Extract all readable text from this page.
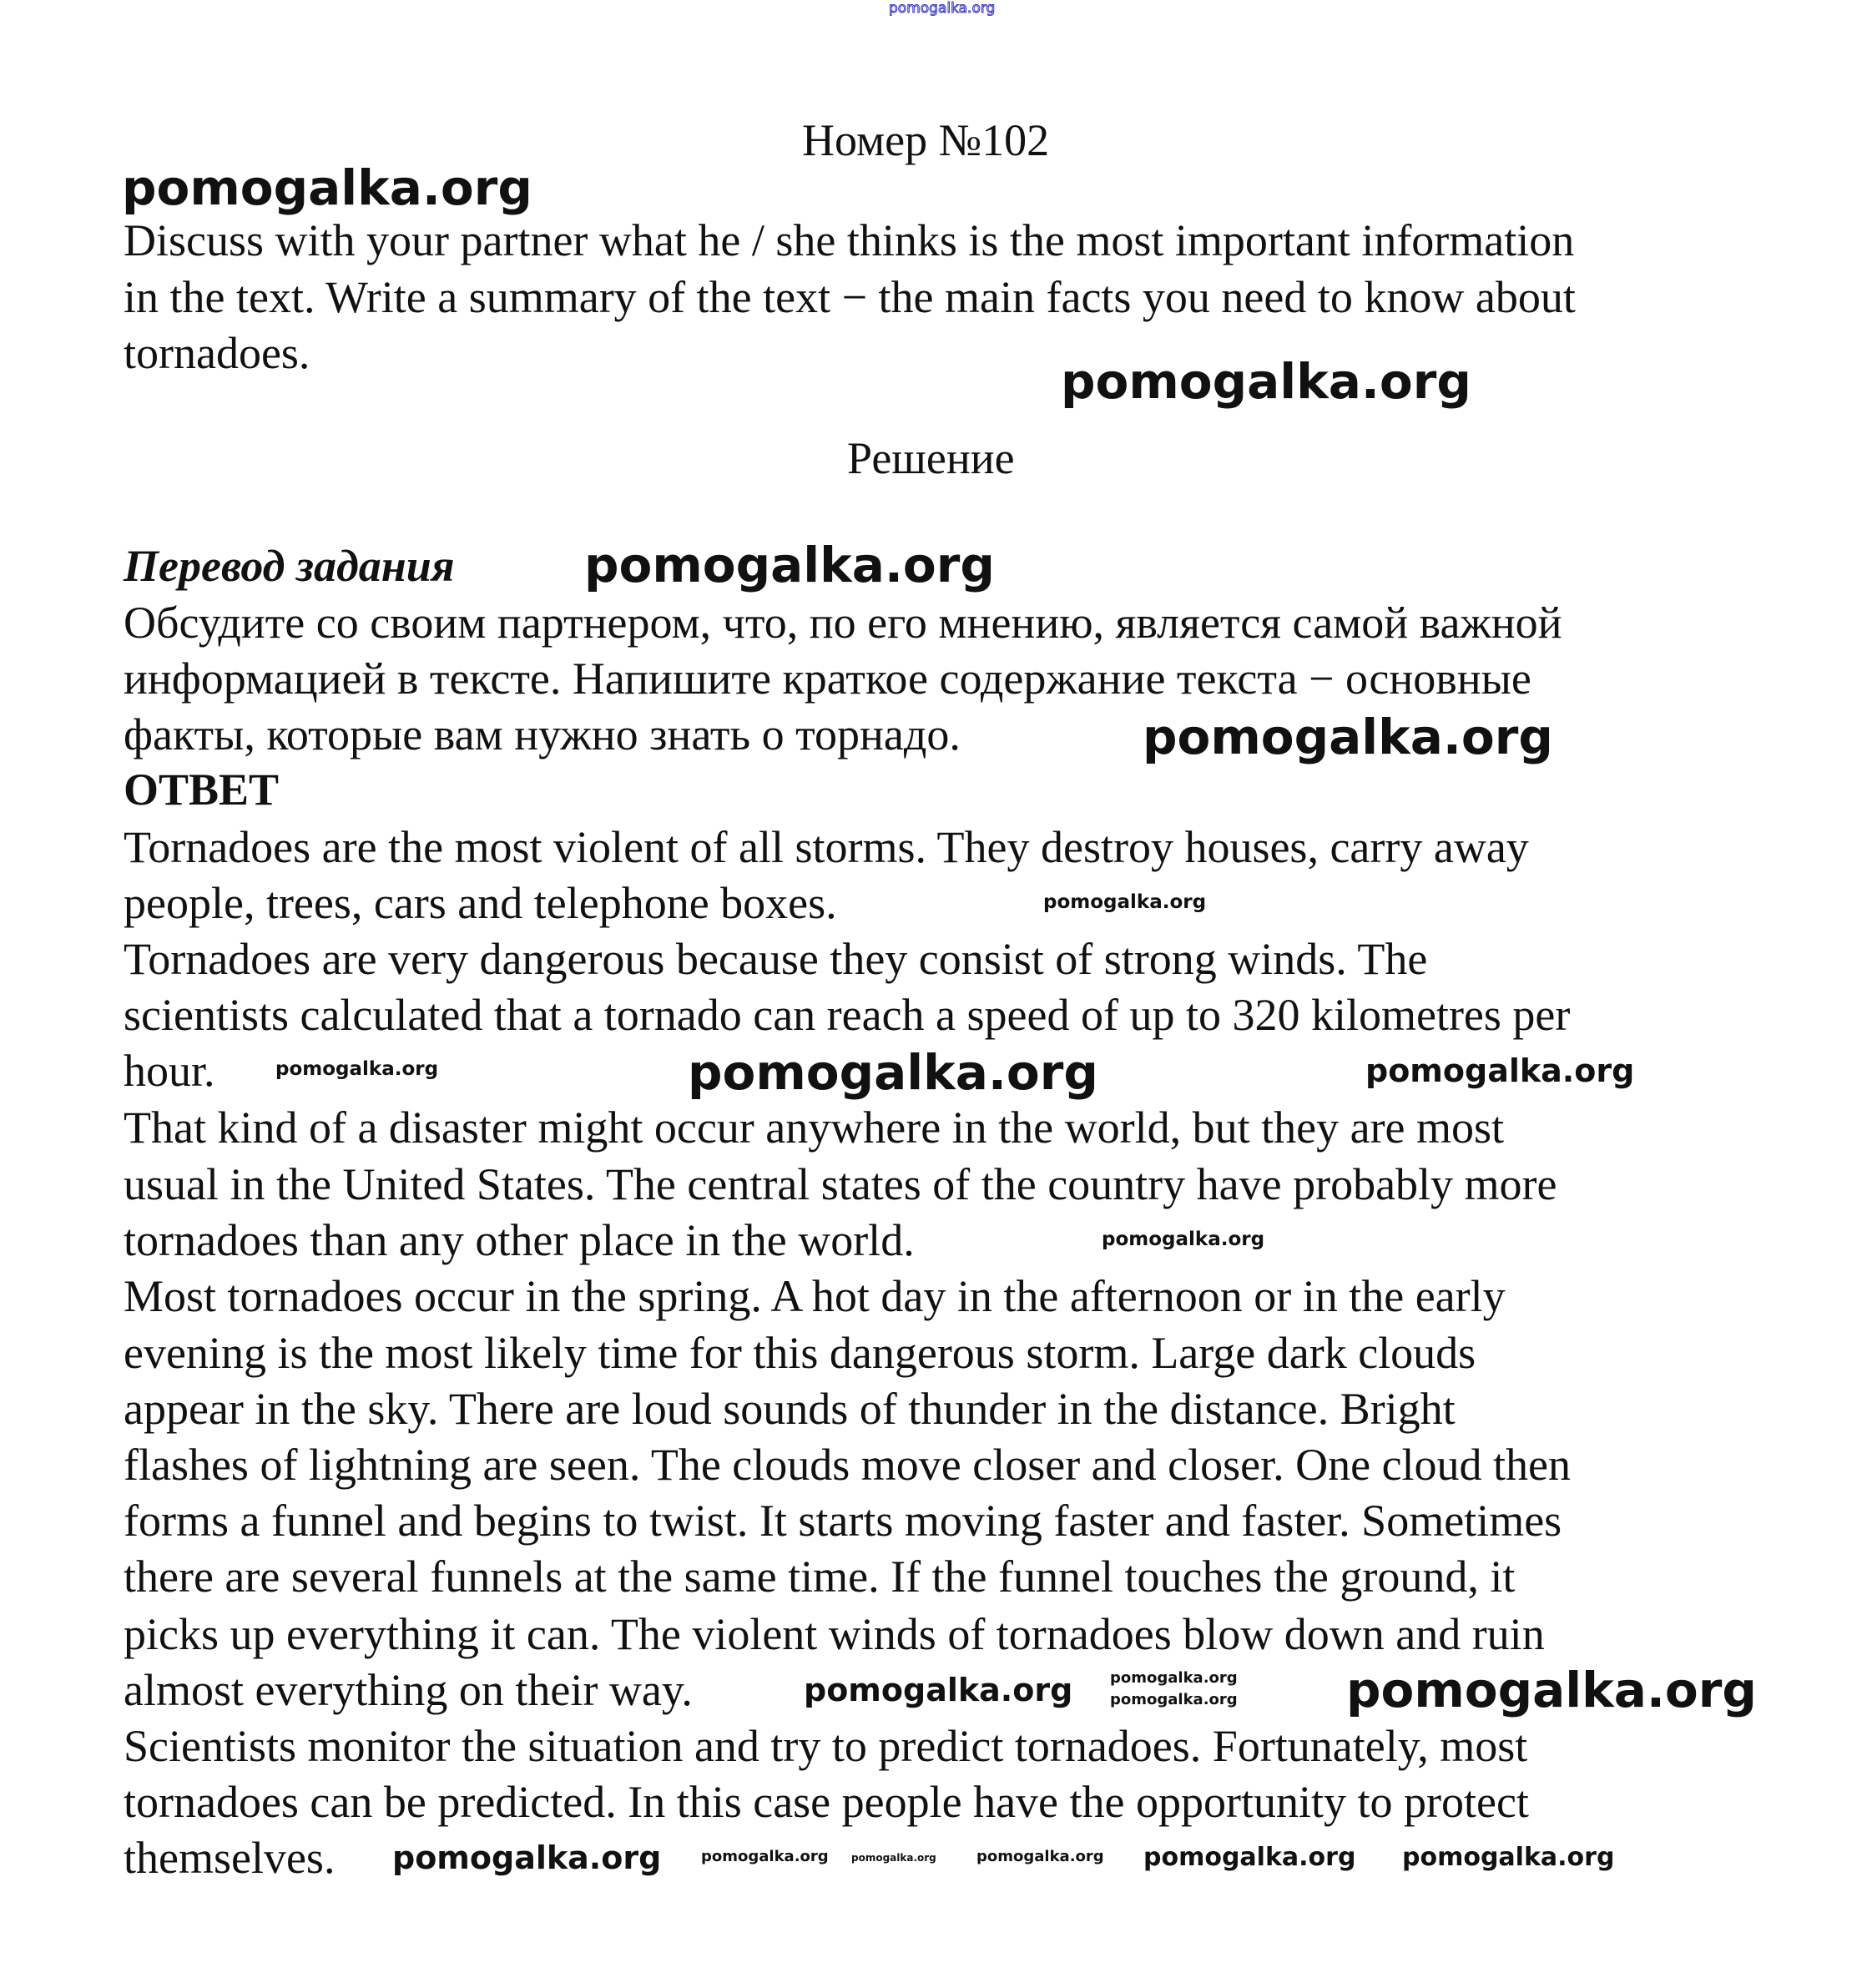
Номер №102
Discuss with your partner what he / she thinks is the most important information
in the text. Write a summary of the text − the main facts you need to know about
tornadoes.
Решение
Перевод задания
Обсудите со своим партнером, что, по его мнению, является самой важной
информацией в тексте. Напишите краткое содержание текста − основные
факты, которые вам нужно знать о торнадо.
ОТВЕТ
Tornadoes are the most violent of all storms. They destroy houses, carry away
people, trees, cars and telephone boxes.
Tornadoes are very dangerous because they consist of strong winds. The
scientists calculated that a tornado can reach a speed of up to 320 kilometres per
hour.
That kind of a disaster might occur anywhere in the world, but they are most
usual in the United States. The central states of the country have probably more
tornadoes than any other place in the world.
Most tornadoes occur in the spring. A hot day in the afternoon or in the early
evening is the most likely time for this dangerous storm. Large dark clouds
appear in the sky. There are loud sounds of thunder in the distance. Bright
flashes of lightning are seen. The clouds move closer and closer. One cloud then
forms a funnel and begins to twist. It starts moving faster and faster. Sometimes
there are several funnels at the same time. If the funnel touches the ground, it
picks up everything it can. The violent winds of tornadoes blow down and ruin
almost everything on their way.
Scientists monitor the situation and try to predict tornadoes. Fortunately, most
tornadoes can be predicted. In this case people have the opportunity to protect
themselves.
pomogalka.org
pomogalka.org
pomogalka.org
pomogalka.org
pomogalka.org
pomogalka.org
pomogalka.org	pomogalka.org
pomogalka.org
pomogalka.org
pomogalka.org
pomogalka.org
pomogalka.org pomogalka.org	pomogalka.org pomogalka.org pomogalka.org
pomogalka.org	pomogalka.org
pomogalka.org
